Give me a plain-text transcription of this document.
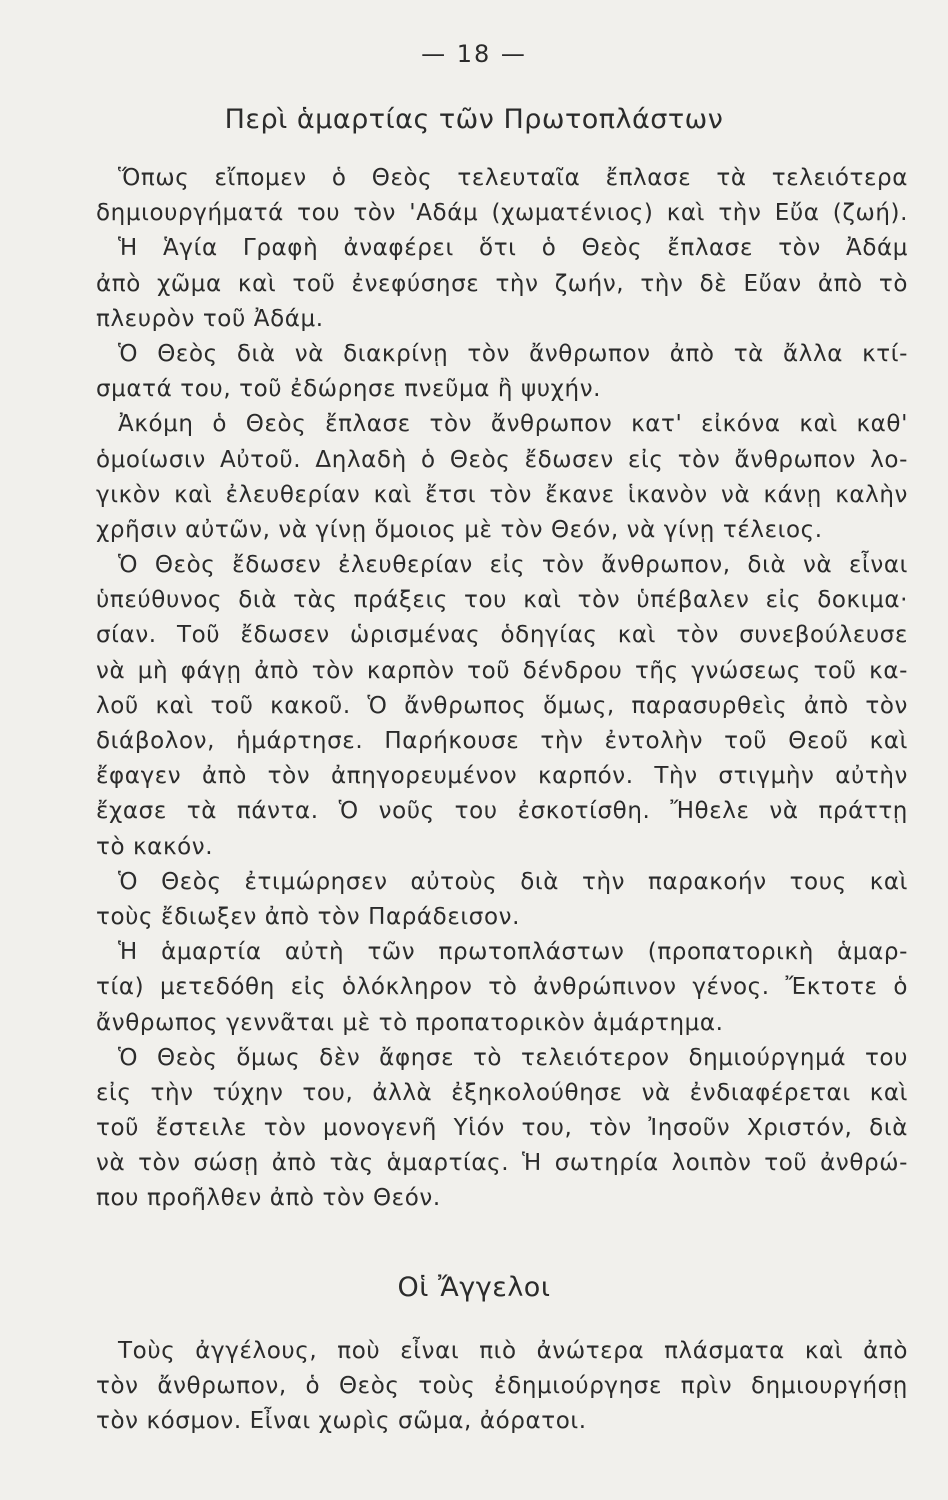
— 18 —
Περὶ ἁμαρτίας τῶν Πρωτοπλάστων
Ὅπως εἴπομεν ὁ Θεὸς τελευταῖα ἔπλασε τὰ τελειότερα
δημιουργήματά του τὸν 'Αδάμ (χωματένιος) καὶ τὴν Εὔα (ζωή).
Ἡ Ἁγία Γραφὴ ἀναφέρει ὅτι ὁ Θεὸς ἔπλασε τὸν Ἀδάμ
ἀπὸ χῶμα καὶ τοῦ ἐνεφύσησε τὴν ζωήν, τὴν δὲ Εὔαν ἀπὸ τὸ
πλευρὸν τοῦ Ἀδάμ.
Ὁ Θεὸς διὰ νὰ διακρίνῃ τὸν ἄνθρωπον ἀπὸ τὰ ἄλλα κτί-
σματά του, τοῦ ἐδώρησε πνεῦμα ἢ ψυχήν.
Ἀκόμη ὁ Θεὸς ἔπλασε τὸν ἄνθρωπον κατ' εἰκόνα καὶ καθ'
ὁμοίωσιν Αὐτοῦ. Δηλαδὴ ὁ Θεὸς ἔδωσεν εἰς τὸν ἄνθρωπον λο-
γικὸν καὶ ἐλευθερίαν καὶ ἔτσι τὸν ἔκανε ἱκανὸν νὰ κάνῃ καλὴν
χρῆσιν αὐτῶν, νὰ γίνῃ ὅμοιος μὲ τὸν Θεόν, νὰ γίνῃ τέλειος.
Ὁ Θεὸς ἔδωσεν ἐλευθερίαν εἰς τὸν ἄνθρωπον, διὰ νὰ εἶναι
ὑπεύθυνος διὰ τὰς πράξεις του καὶ τὸν ὑπέβαλεν εἰς δοκιμα·
σίαν. Τοῦ ἔδωσεν ὡρισμένας ὁδηγίας καὶ τὸν συνεβούλευσε
νὰ μὴ φάγῃ ἀπὸ τὸν καρπὸν τοῦ δένδρου τῆς γνώσεως τοῦ κα-
λοῦ καὶ τοῦ κακοῦ. Ὁ ἄνθρωπος ὅμως, παρασυρθεὶς ἀπὸ τὸν
διάβολον, ἡμάρτησε. Παρήκουσε τὴν ἐντολὴν τοῦ Θεοῦ καὶ
ἔφαγεν ἀπὸ τὸν ἀπηγορευμένον καρπόν. Τὴν στιγμὴν αὐτὴν
ἔχασε τὰ πάντα. Ὁ νοῦς του ἐσκοτίσθη. Ἤθελε νὰ πράττῃ
τὸ κακόν.
Ὁ Θεὸς ἐτιμώρησεν αὐτοὺς διὰ τὴν παρακοήν τους καὶ
τοὺς ἔδιωξεν ἀπὸ τὸν Παράδεισον.
Ἡ ἁμαρτία αὐτὴ τῶν πρωτοπλάστων (προπατορικὴ ἁμαρ-
τία) μετεδόθη εἰς ὁλόκληρον τὸ ἀνθρώπινον γένος. Ἔκτοτε ὁ
ἄνθρωπος γεννᾶται μὲ τὸ προπατορικὸν ἁμάρτημα.
Ὁ Θεὸς ὅμως δὲν ἄφησε τὸ τελειότερον δημιούργημά του
εἰς τὴν τύχην του, ἀλλὰ ἐξηκολούθησε νὰ ἐνδιαφέρεται καὶ
τοῦ ἔστειλε τὸν μονογενῆ Υἱόν του, τὸν Ἰησοῦν Χριστόν, διὰ
νὰ τὸν σώσῃ ἀπὸ τὰς ἁμαρτίας. Ἡ σωτηρία λοιπὸν τοῦ ἀνθρώ-
που προῆλθεν ἀπὸ τὸν Θεόν.
Οἱ Ἄγγελοι
Τοὺς ἀγγέλους, ποὺ εἶναι πιὸ ἀνώτερα πλάσματα καὶ ἀπὸ
τὸν ἄνθρωπον, ὁ Θεὸς τοὺς ἐδημιούργησε πρὶν δημιουργήσῃ
τὸν κόσμον. Εἶναι χωρὶς σῶμα, ἀόρατοι.
